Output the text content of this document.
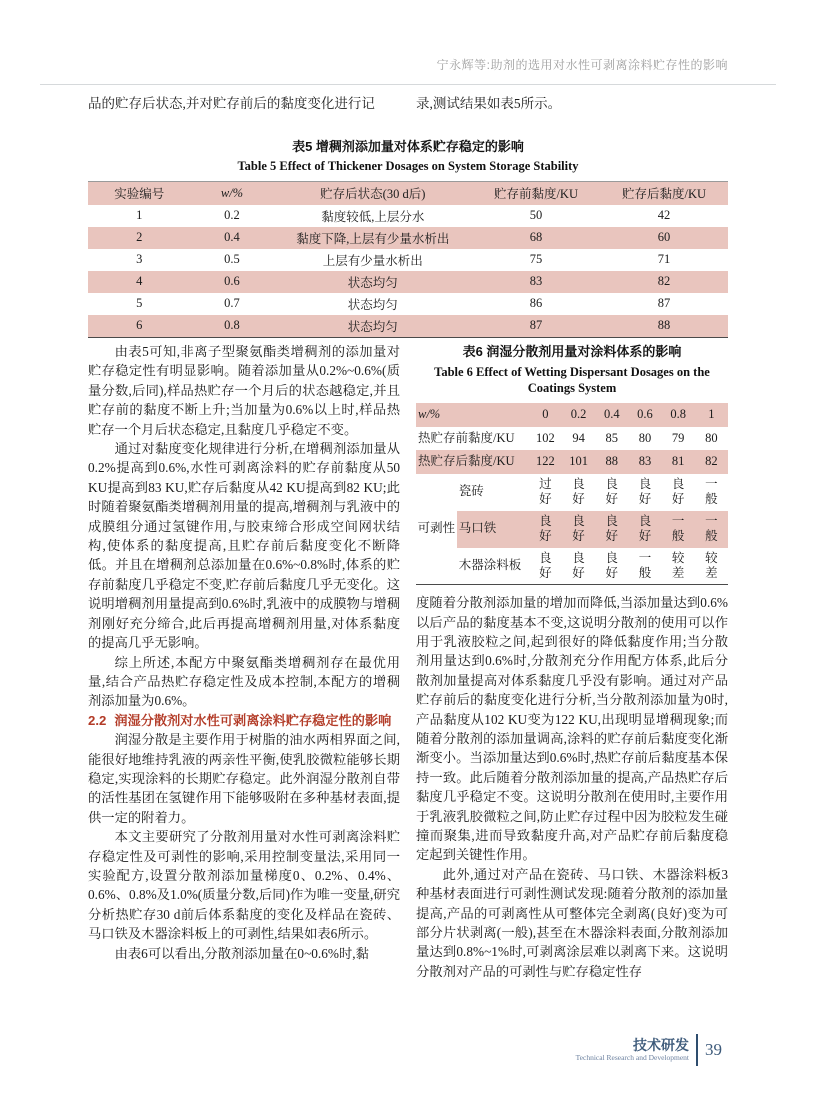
宁永辉等:助剂的选用对水性可剥离涂料贮存性的影响
品的贮存后状态,并对贮存前后的黏度变化进行记	录,测试结果如表5所示。
表5 增稠剂添加量对体系贮存稳定的影响
Table 5 Effect of Thickener Dosages on System Storage Stability
实验编号	w/%	贮存后状态(30 d后)	贮存前黏度/KU	贮存后黏度/KU
1	0.2	黏度较低,上层分水	50	42
2	0.4	黏度下降,上层有少量水析出	68	60
3	0.5	上层有少量水析出	75	71
4	0.6	状态均匀	83	82
5	0.7	状态均匀	86	87
6	0.8	状态均匀	87	88

由表5可知,非离子型聚氨酯类增稠剂的添加量对贮存稳定性有明显影响。随着添加量从0.2%~0.6%(质量分数,后同),样品热贮存一个月后的状态越稳定,并且贮存前的黏度不断上升;当加量为0.6%以上时,样品热贮存一个月后状态稳定,且黏度几乎稳定不变。

通过对黏度变化规律进行分析,在增稠剂添加量从0.2%提高到0.6%,水性可剥离涂料的贮存前黏度从50 KU提高到83 KU,贮存后黏度从42 KU提高到82 KU;此时随着聚氨酯类增稠剂用量的提高,增稠剂与乳液中的成膜组分通过氢键作用,与胶束缔合形成空间网状结构,使体系的黏度提高,且贮存前后黏度变化不断降低。并且在增稠剂总添加量在0.6%~0.8%时,体系的贮存前黏度几乎稳定不变,贮存前后黏度几乎无变化。这说明增稠剂用量提高到0.6%时,乳液中的成膜物与增稠剂刚好充分缔合,此后再提高增稠剂用量,对体系黏度的提高几乎无影响。

综上所述,本配方中聚氨酯类增稠剂存在最优用量,结合产品热贮存稳定性及成本控制,本配方的增稠剂添加量为0.6%。

2.2 润湿分散剂对水性可剥离涂料贮存稳定性的影响

润湿分散是主要作用于树脂的油水两相界面之间,能很好地维持乳液的两亲性平衡,使乳胶微粒能够长期稳定,实现涂料的长期贮存稳定。此外润湿分散剂自带的活性基团在氢键作用下能够吸附在多种基材表面,提供一定的附着力。

本文主要研究了分散剂用量对水性可剥离涂料贮存稳定性及可剥性的影响,采用控制变量法,采用同一实验配方,设置分散剂添加量梯度0、0.2%、0.4%、0.6%、0.8%及1.0%(质量分数,后同)作为唯一变量,研究分析热贮存30 d前后体系黏度的变化及样品在瓷砖、马口铁及木器涂料板上的可剥性,结果如表6所示。

由表6可以看出,分散剂添加量在0~0.6%时,黏

表6 润湿分散剂用量对涂料体系的影响
Table 6 Effect of Wetting Dispersant Dosages on the
Coatings System
w/%		0	0.2	0.4	0.6	0.8	1
热贮存前黏度/KU		102	94	85	80	79	80
热贮存后黏度/KU		122	101	88	83	81	82
可剥性	瓷砖	过好	良好	良好	良好	良好	一般
	马口铁	良好	良好	良好	良好	一般	一般
	木器涂料板	良好	良好	良好	一般	较差	较差

度随着分散剂添加量的增加而降低,当添加量达到0.6%以后产品的黏度基本不变,这说明分散剂的使用可以作用于乳液胶粒之间,起到很好的降低黏度作用;当分散剂用量达到0.6%时,分散剂充分作用配方体系,此后分散剂加量提高对体系黏度几乎没有影响。通过对产品贮存前后的黏度变化进行分析,当分散剂添加量为0时,产品黏度从102 KU变为122 KU,出现明显增稠现象;而随着分散剂的添加量调高,涂料的贮存前后黏度变化渐渐变小。当添加量达到0.6%时,热贮存前后黏度基本保持一致。此后随着分散剂添加量的提高,产品热贮存后黏度几乎稳定不变。这说明分散剂在使用时,主要作用于乳液乳胶微粒之间,防止贮存过程中因为胶粒发生碰撞而聚集,进而导致黏度升高,对产品贮存前后黏度稳定起到关键性作用。

此外,通过对产品在瓷砖、马口铁、木器涂料板3种基材表面进行可剥性测试发现:随着分散剂的添加量提高,产品的可剥离性从可整体完全剥离(良好)变为可部分片状剥离(一般),甚至在木器涂料表面,分散剂添加量达到0.8%~1%时,可剥离涂层难以剥离下来。这说明分散剂对产品的可剥性与贮存稳定性存

技术研发
Technical Research and Development 39
